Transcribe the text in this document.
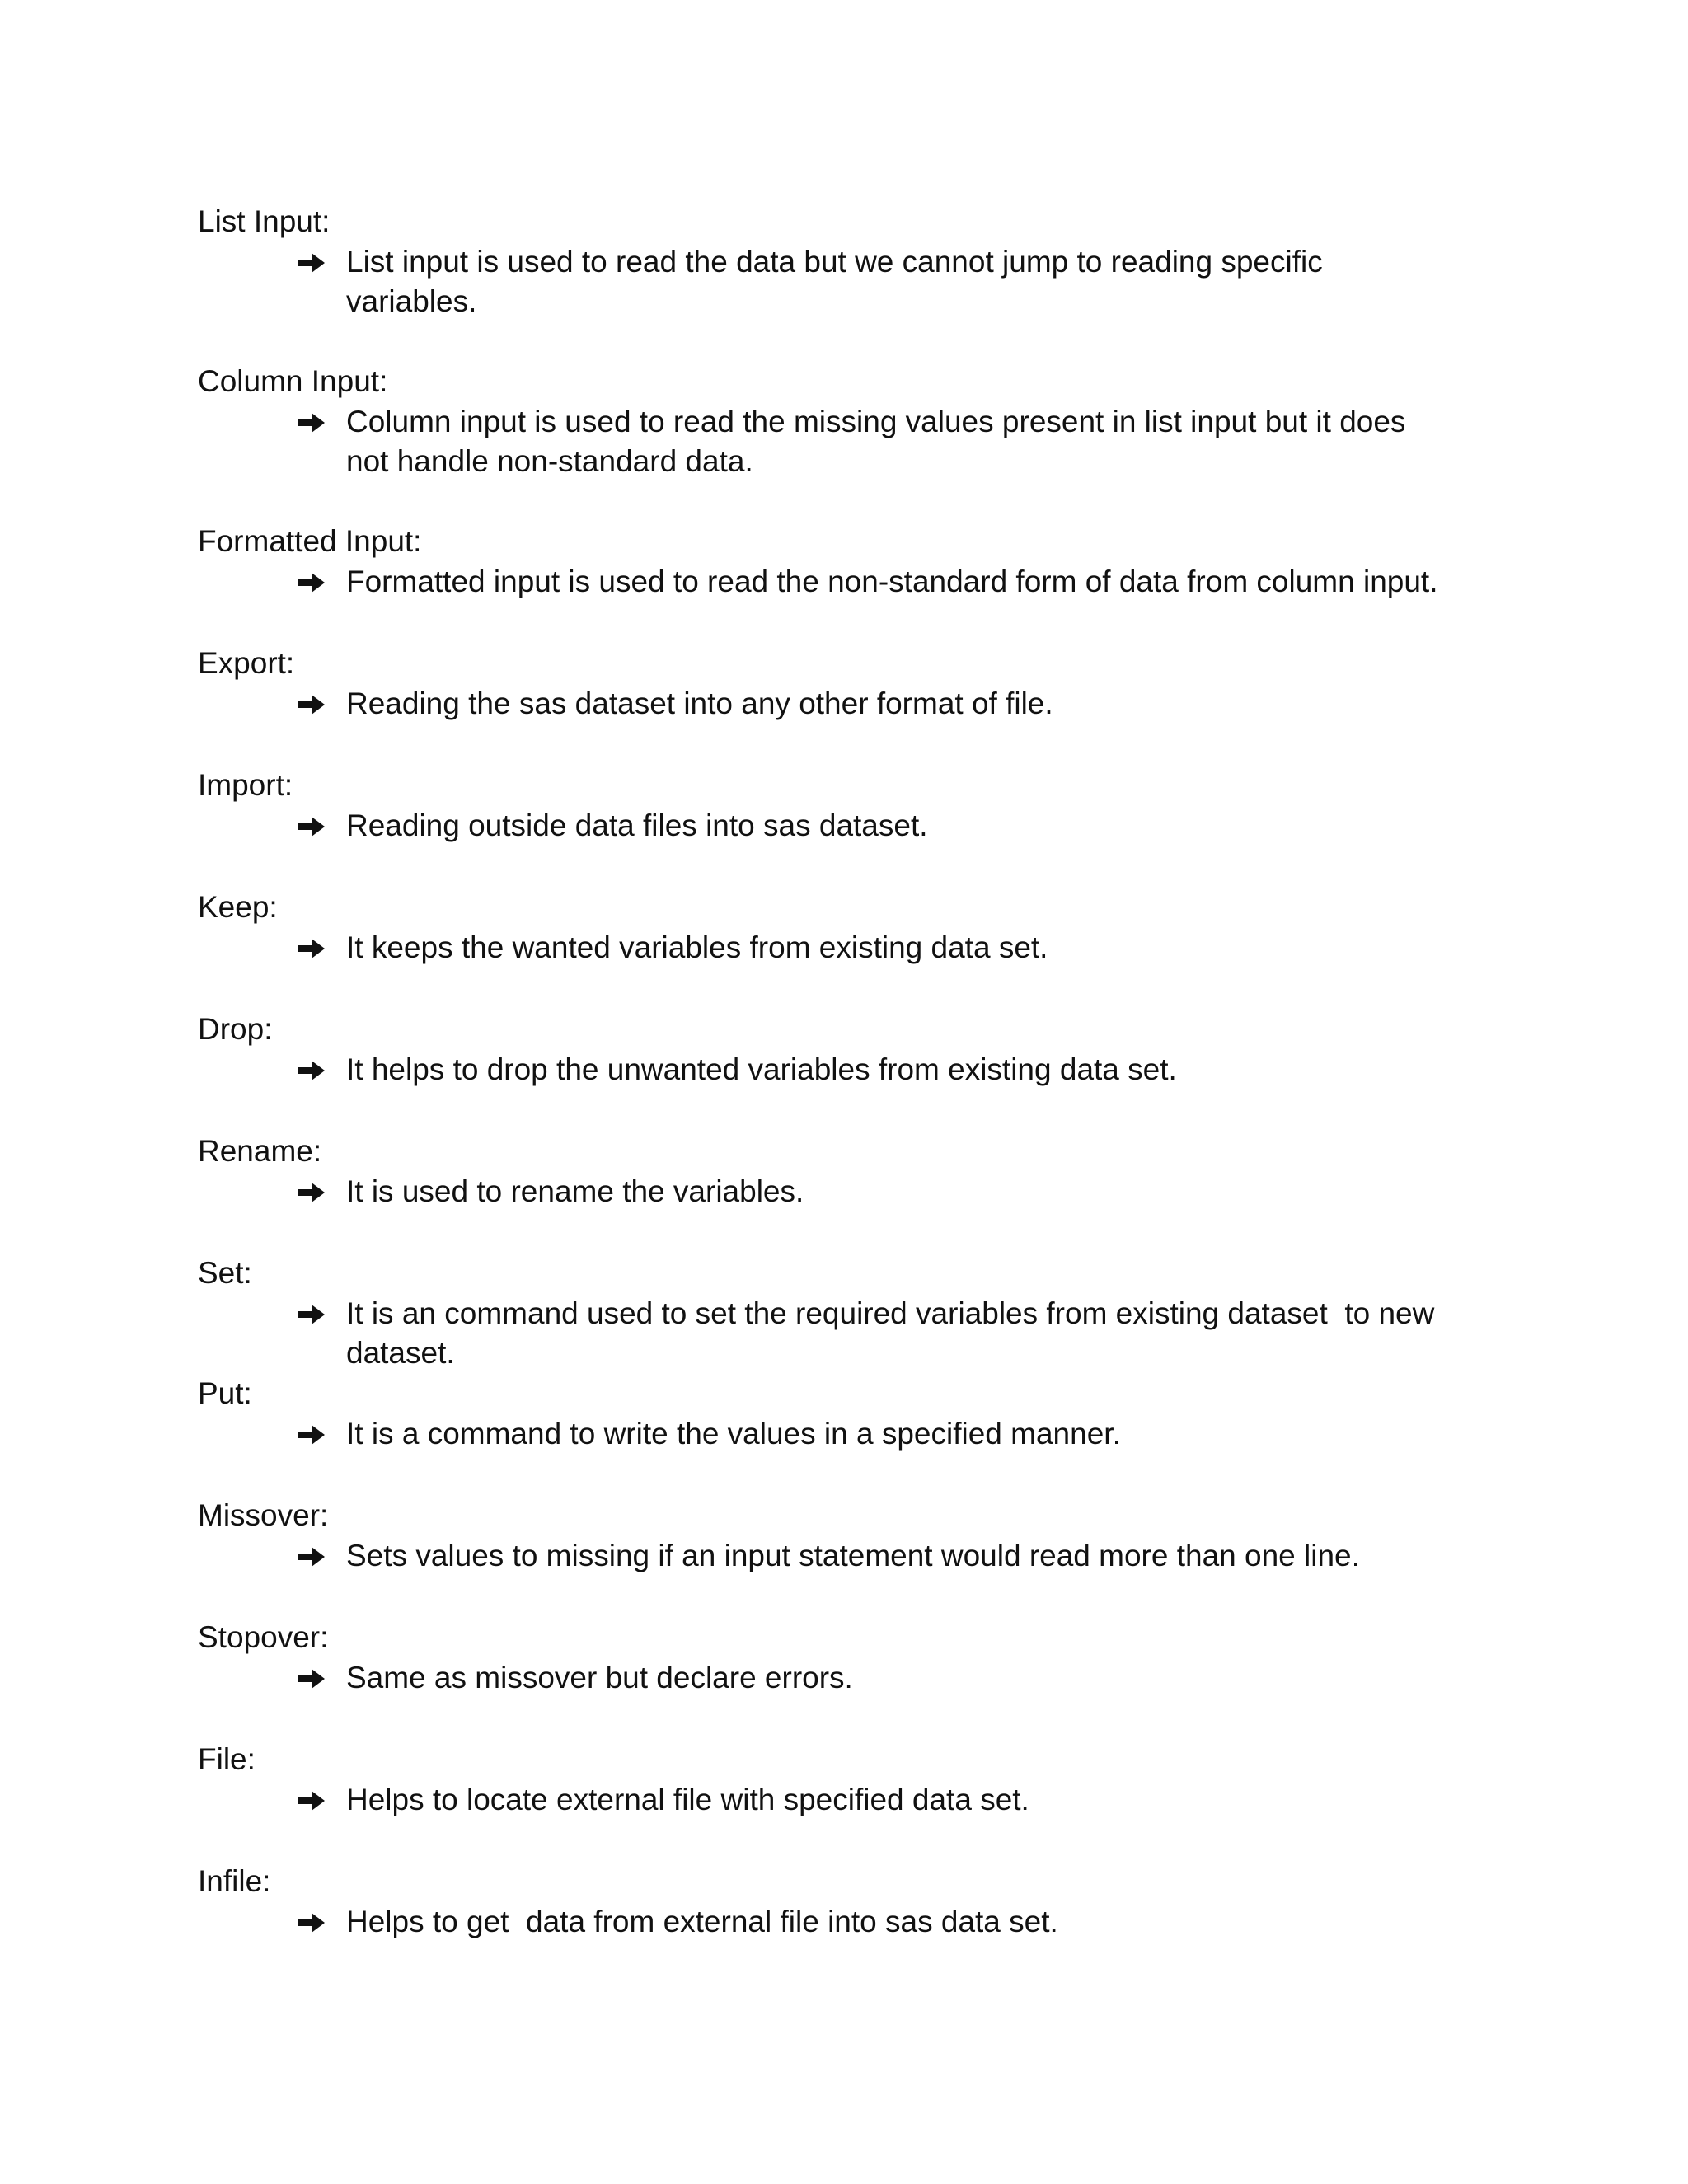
List Input:

List input is used to read the data but we cannot jump to reading specific variables.

Column Input:

Column input is used to read the missing values present in list input but it does not handle non-standard data.

Formatted Input:

Formatted input is used to read the non-standard form of data from column input.

Export:

Reading the sas dataset into any other format of file.

Import:

Reading outside data files into sas dataset.

Keep:

It keeps the wanted variables from existing data set.

Drop:

It helps to drop the unwanted variables from existing data set.

Rename:

It is used to rename the variables.

Set:

It is an command used to set the required variables from existing dataset  to new dataset.

Put:

It is a command to write the values in a specified manner.

Missover:

Sets values to missing if an input statement would read more than one line.

Stopover:

Same as missover but declare errors.

File:

Helps to locate external file with specified data set.

Infile:

Helps to get  data from external file into sas data set.
